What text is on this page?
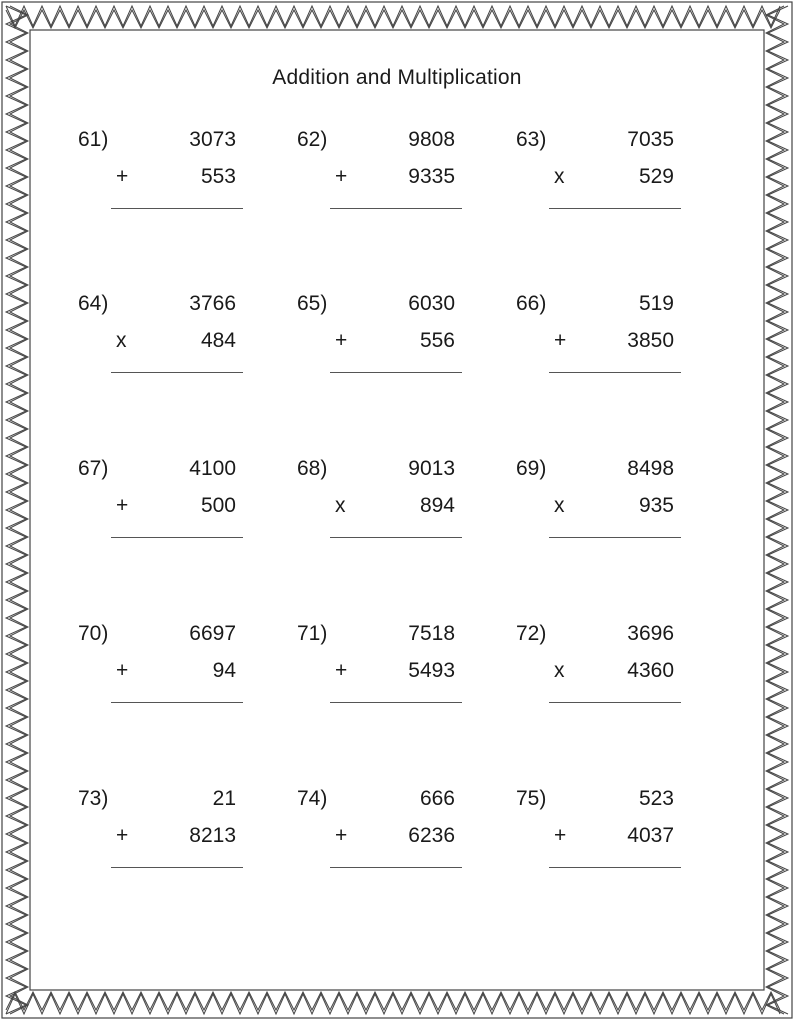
Addition and Multiplication
61)	3073
+	553
62)	9808
+	9335
63)	7035
x	529
64)	3766
x	484
65)	6030
+	556
66)	519
+	3850
67)	4100
+	500
68)	9013
x	894
69)	8498
x	935
70)	6697
+	94
71)	7518
+	5493
72)	3696
x	4360
73)	21
+	8213
74)	666
+	6236
75)	523
+	4037
